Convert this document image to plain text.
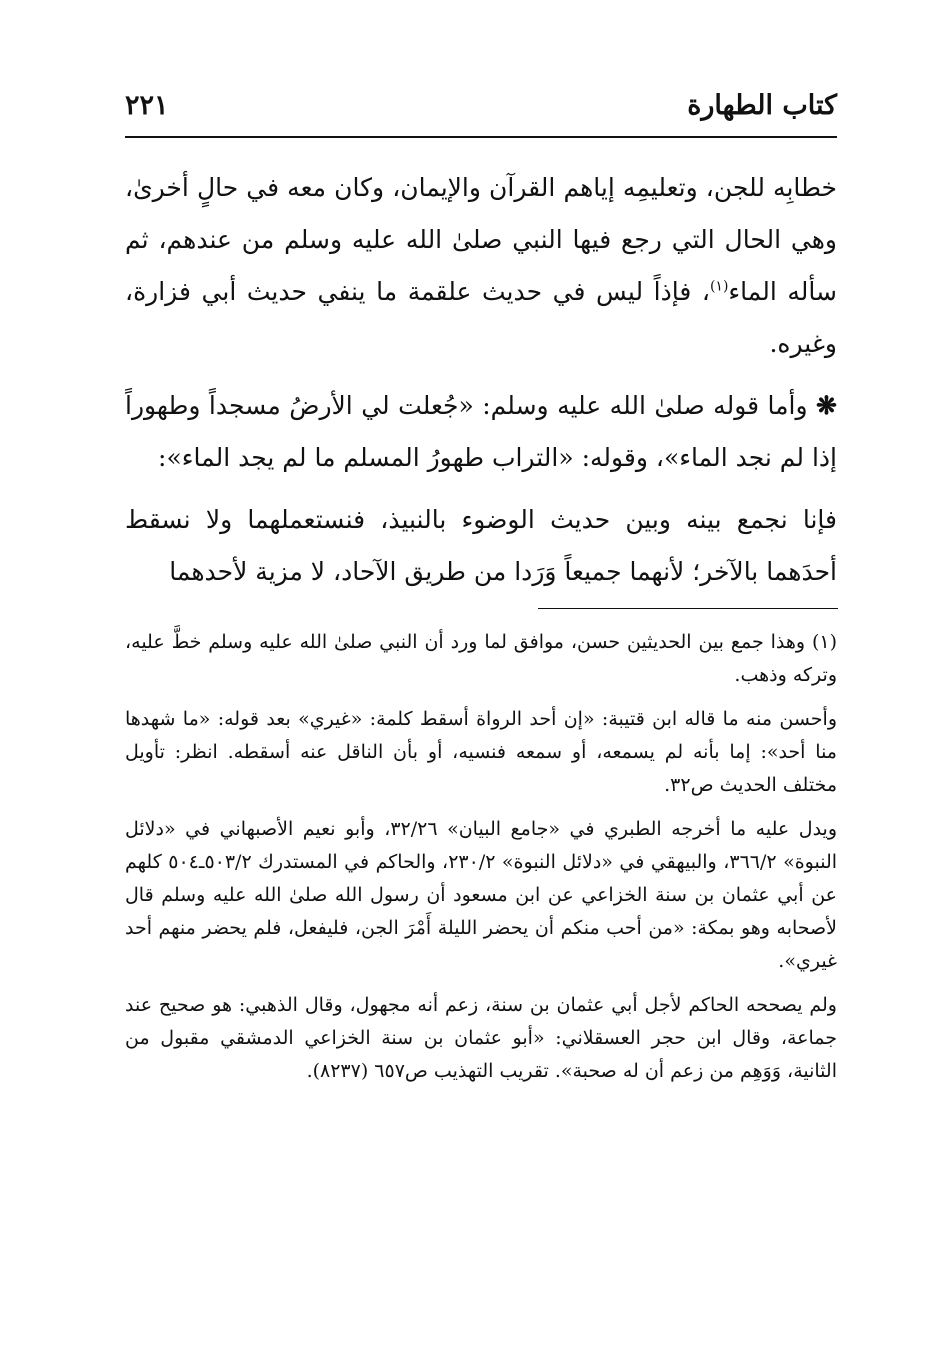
كتاب الطهارة
٢٢١

خطابِه للجن، وتعليمِه إياهم القرآن والإيمان، وكان معه في حالٍ أخرىٰ، وهي الحال التي رجع فيها النبي صلىٰ الله عليه وسلم من عندهم، ثم سأله الماء$^{(١)}$، فإذاً ليس في حديث علقمة ما ينفي حديث أبي فزارة، وغيره.

❋ وأما قوله صلىٰ الله عليه وسلم: «جُعلت لي الأرضُ مسجداً وطهوراً إذا لم نجد الماء»، وقوله: «التراب طهورُ المسلم ما لم يجد الماء»:

فإنا نجمع بينه وبين حديث الوضوء بالنبيذ، فنستعملهما ولا نسقط أحدَهما بالآخر؛ لأنهما جميعاً وَرَدا من طريق الآحاد، لا مزية لأحدهما

(١) وهذا جمع بين الحديثين حسن، موافق لما ورد أن النبي صلىٰ الله عليه وسلم خطَّ عليه، وتركه وذهب.

وأحسن منه ما قاله ابن قتيبة: «إن أحد الرواة أسقط كلمة: «غيري» بعد قوله: «ما شهدها منا أحد»: إما بأنه لم يسمعه، أو سمعه فنسيه، أو بأن الناقل عنه أسقطه. انظر: تأويل مختلف الحديث ص٣٢.

ويدل عليه ما أخرجه الطبري في «جامع البيان» ٣٢/٢٦، وأبو نعيم الأصبهاني في «دلائل النبوة» ٣٦٦/٢، والبيهقي في «دلائل النبوة» ٢٣٠/٢، والحاكم في المستدرك ٥٠٣/٢ـ٥٠٤ كلهم عن أبي عثمان بن سنة الخزاعي عن ابن مسعود أن رسول الله صلىٰ الله عليه وسلم قال لأصحابه وهو بمكة: «من أحب منكم أن يحضر الليلة أَمْرَ الجن، فليفعل، فلم يحضر منهم أحد غيري».

ولم يصححه الحاكم لأجل أبي عثمان بن سنة، زعم أنه مجهول، وقال الذهبي: هو صحيح عند جماعة، وقال ابن حجر العسقلاني: «أبو عثمان بن سنة الخزاعي الدمشقي مقبول من الثانية، وَوَهِم من زعم أن له صحبة». تقريب التهذيب ص٦٥٧ (٨٢٣٧).
